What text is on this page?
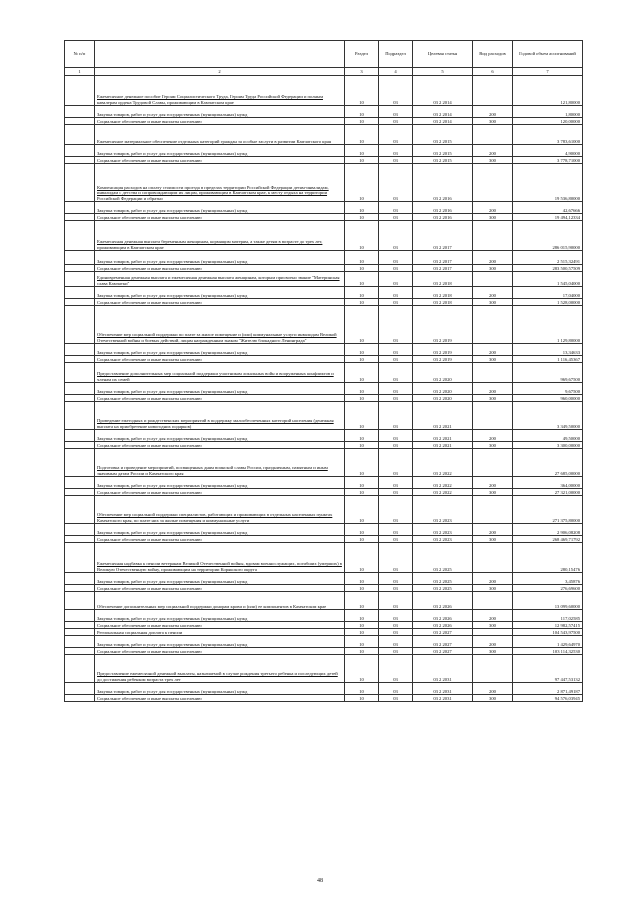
№ п/п		Раздел	Подраздел	Целевая статья	Вид расходов	Годовой объем ассигнований
1	2	3	4	5	6	7
	Ежемесячное денежное пособие Героям Социалистического Труда, Героям Труда Российской Федерации и полным кавалерам ордена Трудовой Славы, проживающим в Камчатском крае	10	03	03 2 2014		121,80000
	Закупка товаров, работ и услуг для государственных (муниципальных) нужд	10	03	03 2 2014	200	1,80000
	Социальное обеспечение и иные выплаты населению	10	03	03 2 2014	300	120,00000
	Ежемесячное материальное обеспечение отдельных категорий граждан за особые заслуги в развитии Камчатского края	10	03	03 2 2015		3 783,61000
	Закупка товаров, работ и услуг для государственных (муниципальных) нужд	10	03	03 2 2015	200	4,90000
	Социальное обеспечение и иные выплаты населению	10	03	03 2 2015	300	3 778,71000
	Компенсация расходов на оплату стоимости проезда в пределах территории Российской Федерации детям-инвалидам, инвалидам с детства и сопровождающим их лицам, проживающим в Камчатском крае, к месту отдыха на территории Российской Федерации и обратно	10	03	03 2 2016		19 536,80000
	Закупка товаров, работ и услуг для государственных (муниципальных) нужд	10	03	03 2 2016	200	42,67666
	Социальное обеспечение и иные выплаты населению	10	03	03 2 2016	300	19 494,12334
	Ежемесячная денежная выплата беременным женщинам, кормящим матерям, а также детям в возрасте до трех лет, проживающим в Камчатском крае	10	03	03 2 2017		286 015,90000
	Закупка товаров, работ и услуг для государственных (муниципальных) нужд	10	03	03 2 2017	200	2 515,32491
	Социальное обеспечение и иные выплаты населению	10	03	03 2 2017	300	283 500,57509
	Единовременная денежная выплата и ежемесячная денежная выплата женщинам, которым присвоено звание "Материнская слава Камчатки"	10	03	03 2 2018		1 545,04000
	Закупка товаров, работ и услуг для государственных (муниципальных) нужд	10	03	03 2 2018	200	17,04000
	Социальное обеспечение и иные выплаты населению	10	03	03 2 2018	300	1 528,00000
	Обеспечение мер социальной поддержки по плате за жилое помещение и (или) коммунальные услуги инвалидам Великой Отечественной войны и боевых действий, лицам награжденным знаком "Жителю блокадного Ленинграда"	10	03	03 2 2019		1 129,80000
	Закупка товаров, работ и услуг для государственных (муниципальных) нужд	10	03	03 2 2019	200	13,34633
	Социальное обеспечение и иные выплаты населению	10	03	03 2 2019	300	1 116,45367
	Предоставление дополнительных мер социальной поддержки участникам локальных войн и вооруженных конфликтов и членам их семей	10	03	03 2 2020		969,67500
	Закупка товаров, работ и услуг для государственных (муниципальных) нужд	10	03	03 2 2020	200	9,67500
	Социальное обеспечение и иные выплаты населению	10	03	03 2 2020	300	960,00000
	Проведение ежегодных и рождественских мероприятий в поддержку малообеспеченных категорий населения (денежная выплата на приобретение новогодних подарков)	10	03	03 2 2021		3 349,50000
	Закупка товаров, работ и услуг для государственных (муниципальных) нужд	10	03	03 2 2021	200	49,50000
	Социальное обеспечение и иные выплаты населению	10	03	03 2 2021	300	3 300,00000
	Подготовка и проведение мероприятий, посвященных дням воинской славы России, праздничным, памятным и иным значимым датам России и Камчатского края	10	03	03 2 2022		27 685,00000
	Закупка товаров, работ и услуг для государственных (муниципальных) нужд	10	03	03 2 2022	200	364,00000
	Социальное обеспечение и иные выплаты населению	10	03	03 2 2022	300	27 321,00000
	Обеспечение мер социальной поддержки специалистов, работающих и проживающих в отдельных населенных пунктах Камчатского края, по плате них за жилые помещения и коммунальные услуги	10	03	03 2 2023		271 375,80000
	Закупка товаров, работ и услуг для государственных (муниципальных) нужд	10	03	03 2 2023	200	2 906,08208
	Социальное обеспечение и иные выплаты населению	10	03	03 2 2023	300	268 469,71792
	Ежемесячная надбавка к пенсии ветеранам Великой Отечественной войны, вдовам военнослужащих, погибших (умерших) в Великую Отечественную войну, проживающим на территории Корякского округа	10	03	03 2 2025		280,15476
	Закупка товаров, работ и услуг для государственных (муниципальных) нужд	10	03	03 2 2025	200	3,45876
	Социальное обеспечение и иные выплаты населению	10	03	03 2 2025	300	276,69600
	Обеспечение дополнительных мер социальной поддержки донорам крови и (или) ее компонентов в Камчатском крае	10	03	03 2 2026		13 099,60000
	Закупка товаров, работ и услуг для государственных (муниципальных) нужд	10	03	03 2 2026	200	117,02585
	Социальное обеспечение и иные выплаты населению	10	03	03 2 2026	300	12 982,57415
	Региональная социальная доплата к пенсии	10	03	03 2 2027		104 543,97500
	Закупка товаров, работ и услуг для государственных (муниципальных) нужд	10	03	03 2 2027	200	1 429,64970
	Социальное обеспечение и иные выплаты населению	10	03	03 2 2027	300	103 114,32530
	Предоставление ежемесячной денежной выплаты, назначаемой в случае рождения третьего ребенка и последующих детей до достижения ребенком возраста трех лет	10	03	03 2 2031		97 447,53132
	Закупка товаров, работ и услуг для государственных (муниципальных) нужд	10	03	03 2 2031	200	2 871,49187
	Социальное обеспечение и иные выплаты населению	10	03	03 2 2031	300	94 576,03945
48
